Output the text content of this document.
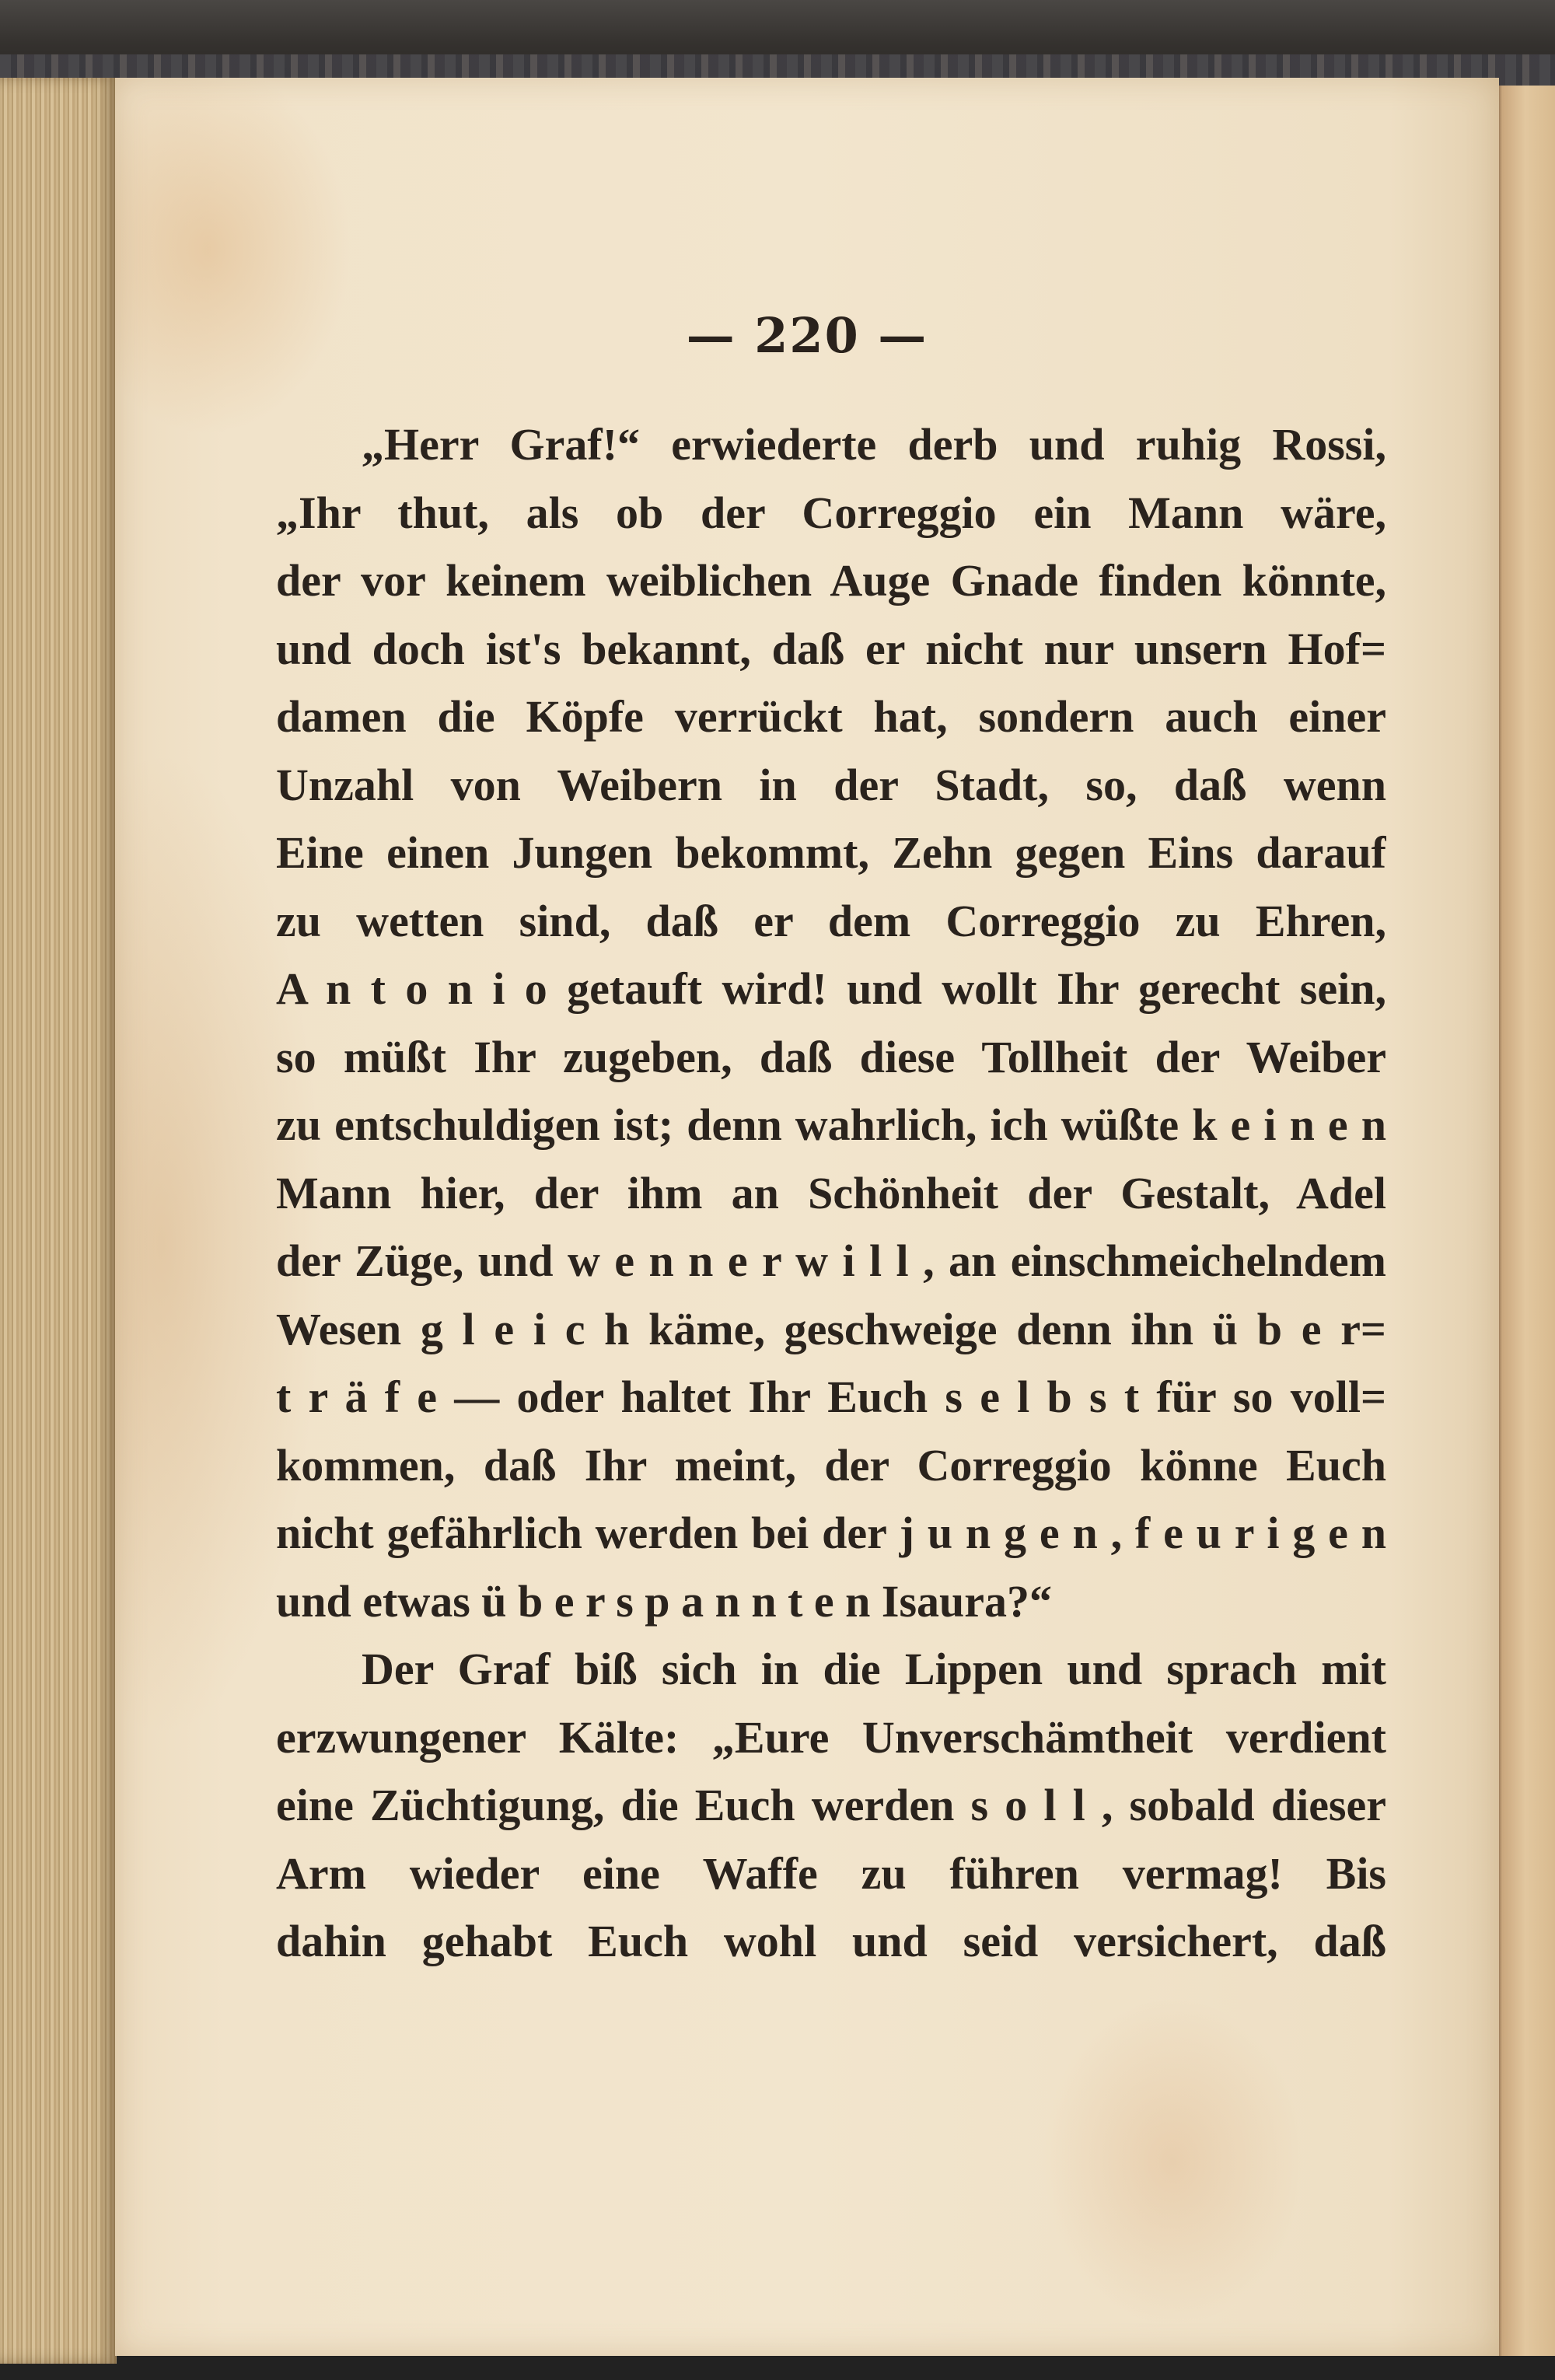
— 220 —
„Herr Graf!“ erwiederte derb und ruhig Rossi,
„Ihr thut, als ob der Correggio ein Mann wäre,
der vor keinem weiblichen Auge Gnade finden könnte,
und doch ist's bekannt, daß er nicht nur unsern Hof=
damen die Köpfe verrückt hat, sondern auch einer
Unzahl von Weibern in der Stadt, so, daß wenn
Eine einen Jungen bekommt, Zehn gegen Eins darauf
zu wetten sind, daß er dem Correggio zu Ehren,
A n t o n i o getauft wird! und wollt Ihr gerecht sein,
so müßt Ihr zugeben, daß diese Tollheit der Weiber
zu entschuldigen ist; denn wahrlich, ich wüßte k e i n e n
Mann hier, der ihm an Schönheit der Gestalt, Adel
der Züge, und w e n n e r w i l l , an einschmeichelndem
Wesen g l e i c h käme, geschweige denn ihn ü b e r=
t r ä f e — oder haltet Ihr Euch s e l b s t für so voll=
kommen, daß Ihr meint, der Correggio könne Euch
nicht gefährlich werden bei der j u n g e n , f e u r i g e n
und etwas ü b e r s p a n n t e n Isaura?“
Der Graf biß sich in die Lippen und sprach mit
erzwungener Kälte: „Eure Unverschämtheit verdient
eine Züchtigung, die Euch werden s o l l , sobald dieser
Arm wieder eine Waffe zu führen vermag! Bis
dahin gehabt Euch wohl und seid versichert, daß
